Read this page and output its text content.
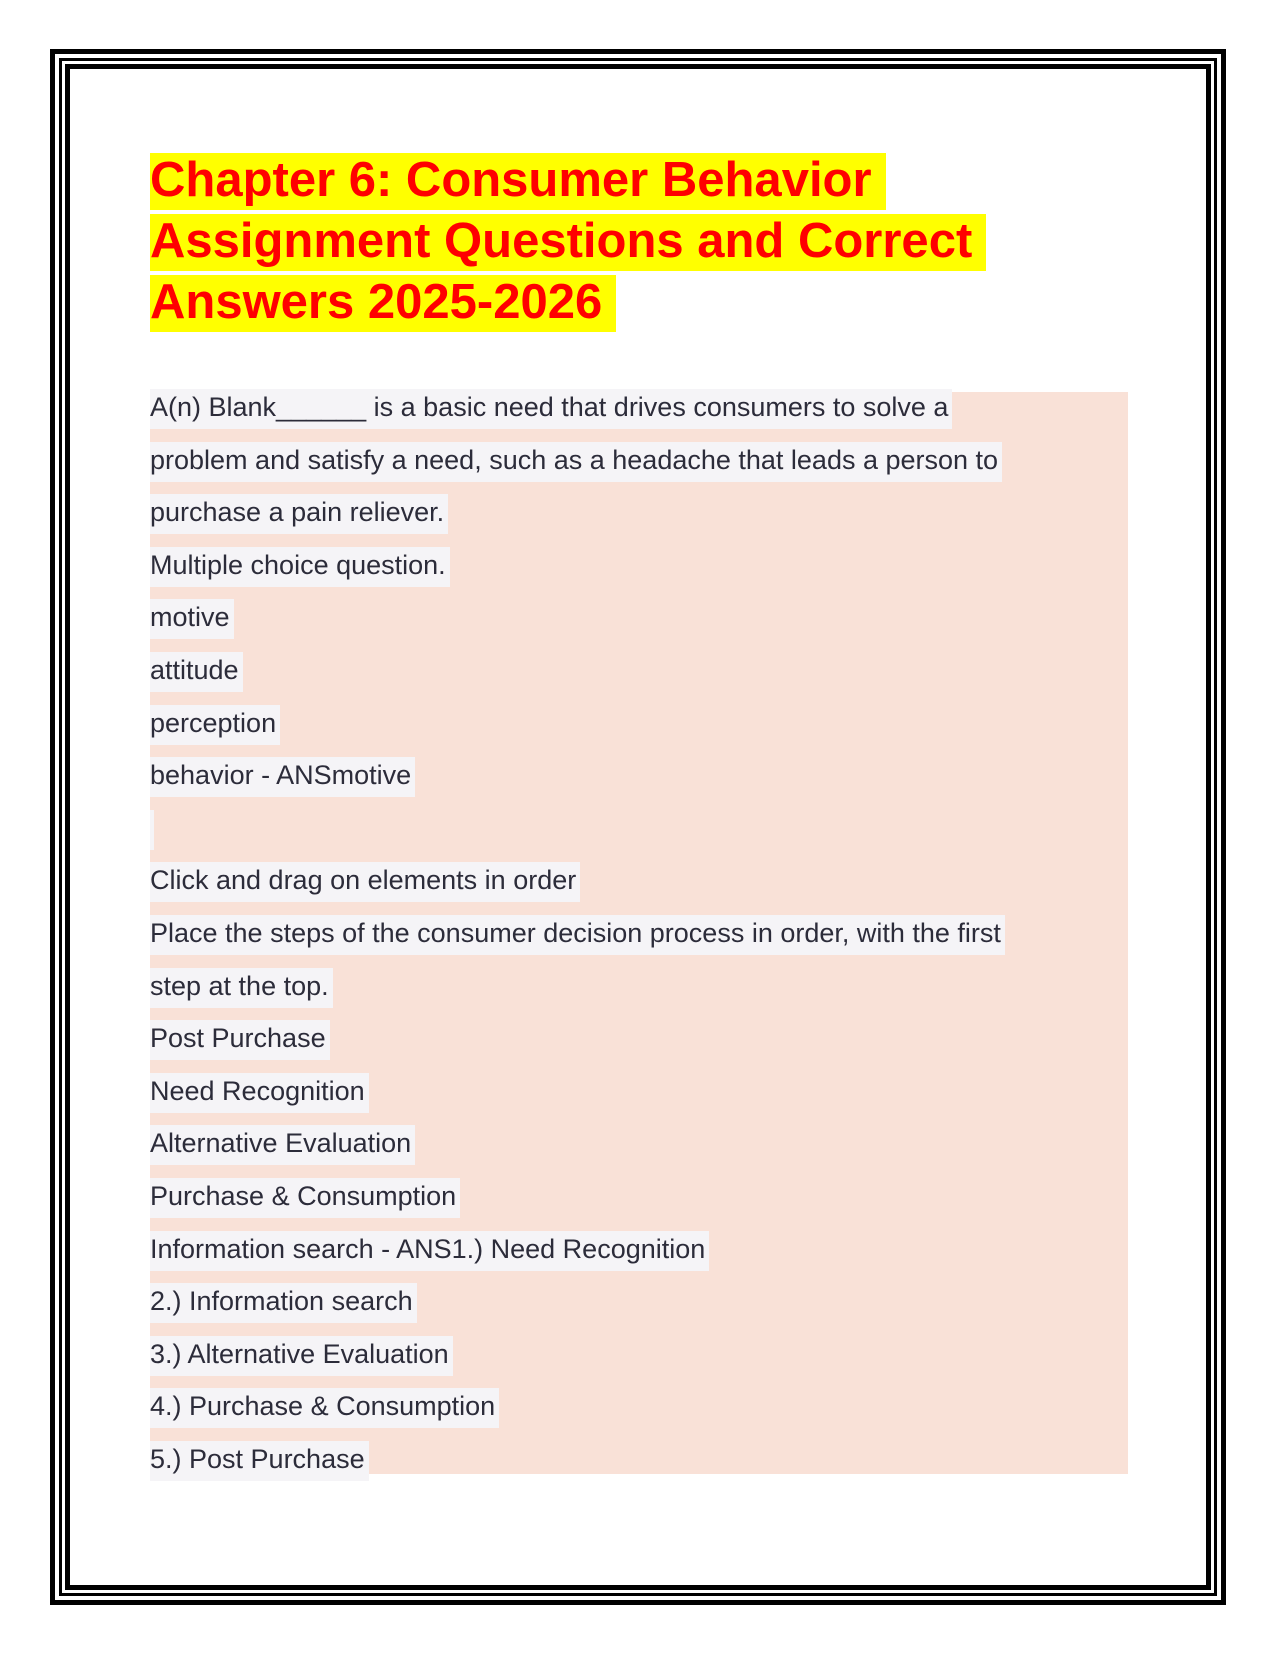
Chapter 6: Consumer Behavior
Assignment Questions and Correct
Answers 2025-2026
A(n) Blank______ is a basic need that drives consumers to solve a
problem and satisfy a need, such as a headache that leads a person to
purchase a pain reliever.
Multiple choice question.
motive
attitude
perception
behavior - ANSmotive
Click and drag on elements in order
Place the steps of the consumer decision process in order, with the first
step at the top.
Post Purchase
Need Recognition
Alternative Evaluation
Purchase & Consumption
Information search - ANS1.) Need Recognition
2.) Information search
3.) Alternative Evaluation
4.) Purchase & Consumption
5.) Post Purchase
